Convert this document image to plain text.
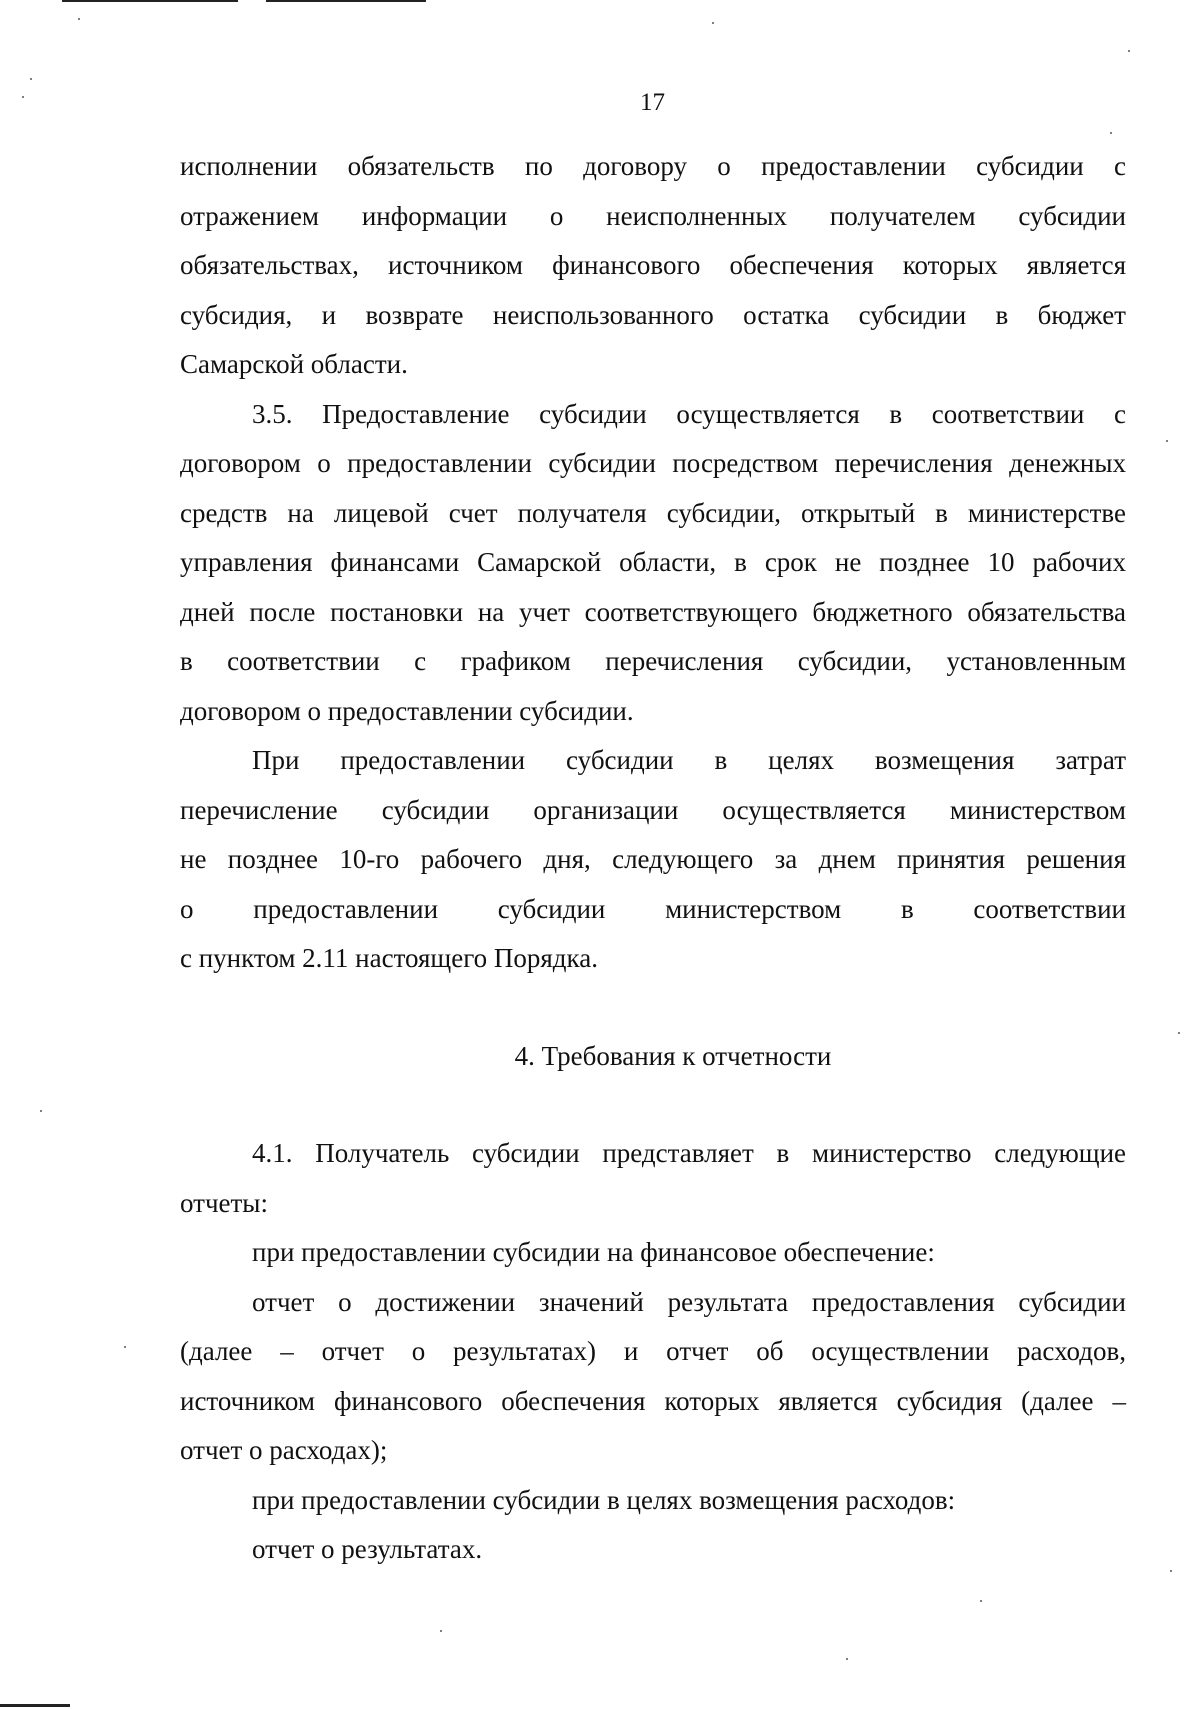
17
исполнении обязательств по договору о предоставлении субсидии с
отражением информации о неисполненных получателем субсидии
обязательствах, источником финансового обеспечения которых является
субсидия, и возврате неиспользованного остатка субсидии в бюджет
Самарской области.
3.5. Предоставление субсидии осуществляется в соответствии с
договором о предоставлении субсидии посредством перечисления денежных
средств на лицевой счет получателя субсидии, открытый в министерстве
управления финансами Самарской области, в срок не позднее 10 рабочих
дней после постановки на учет соответствующего бюджетного обязательства
в соответствии с графиком перечисления субсидии, установленным
договором о предоставлении субсидии.
При предоставлении субсидии в целях возмещения затрат
перечисление субсидии организации осуществляется министерством
не позднее 10-го рабочего дня, следующего за днем принятия решения
о предоставлении субсидии министерством в соответствии
с пунктом 2.11 настоящего Порядка.
4. Требования к отчетности
4.1. Получатель субсидии представляет в министерство следующие
отчеты:
при предоставлении субсидии на финансовое обеспечение:
отчет о достижении значений результата предоставления субсидии
(далее – отчет о результатах) и отчет об осуществлении расходов,
источником финансового обеспечения которых является субсидия (далее –
отчет о расходах);
при предоставлении субсидии в целях возмещения расходов:
отчет о результатах.
